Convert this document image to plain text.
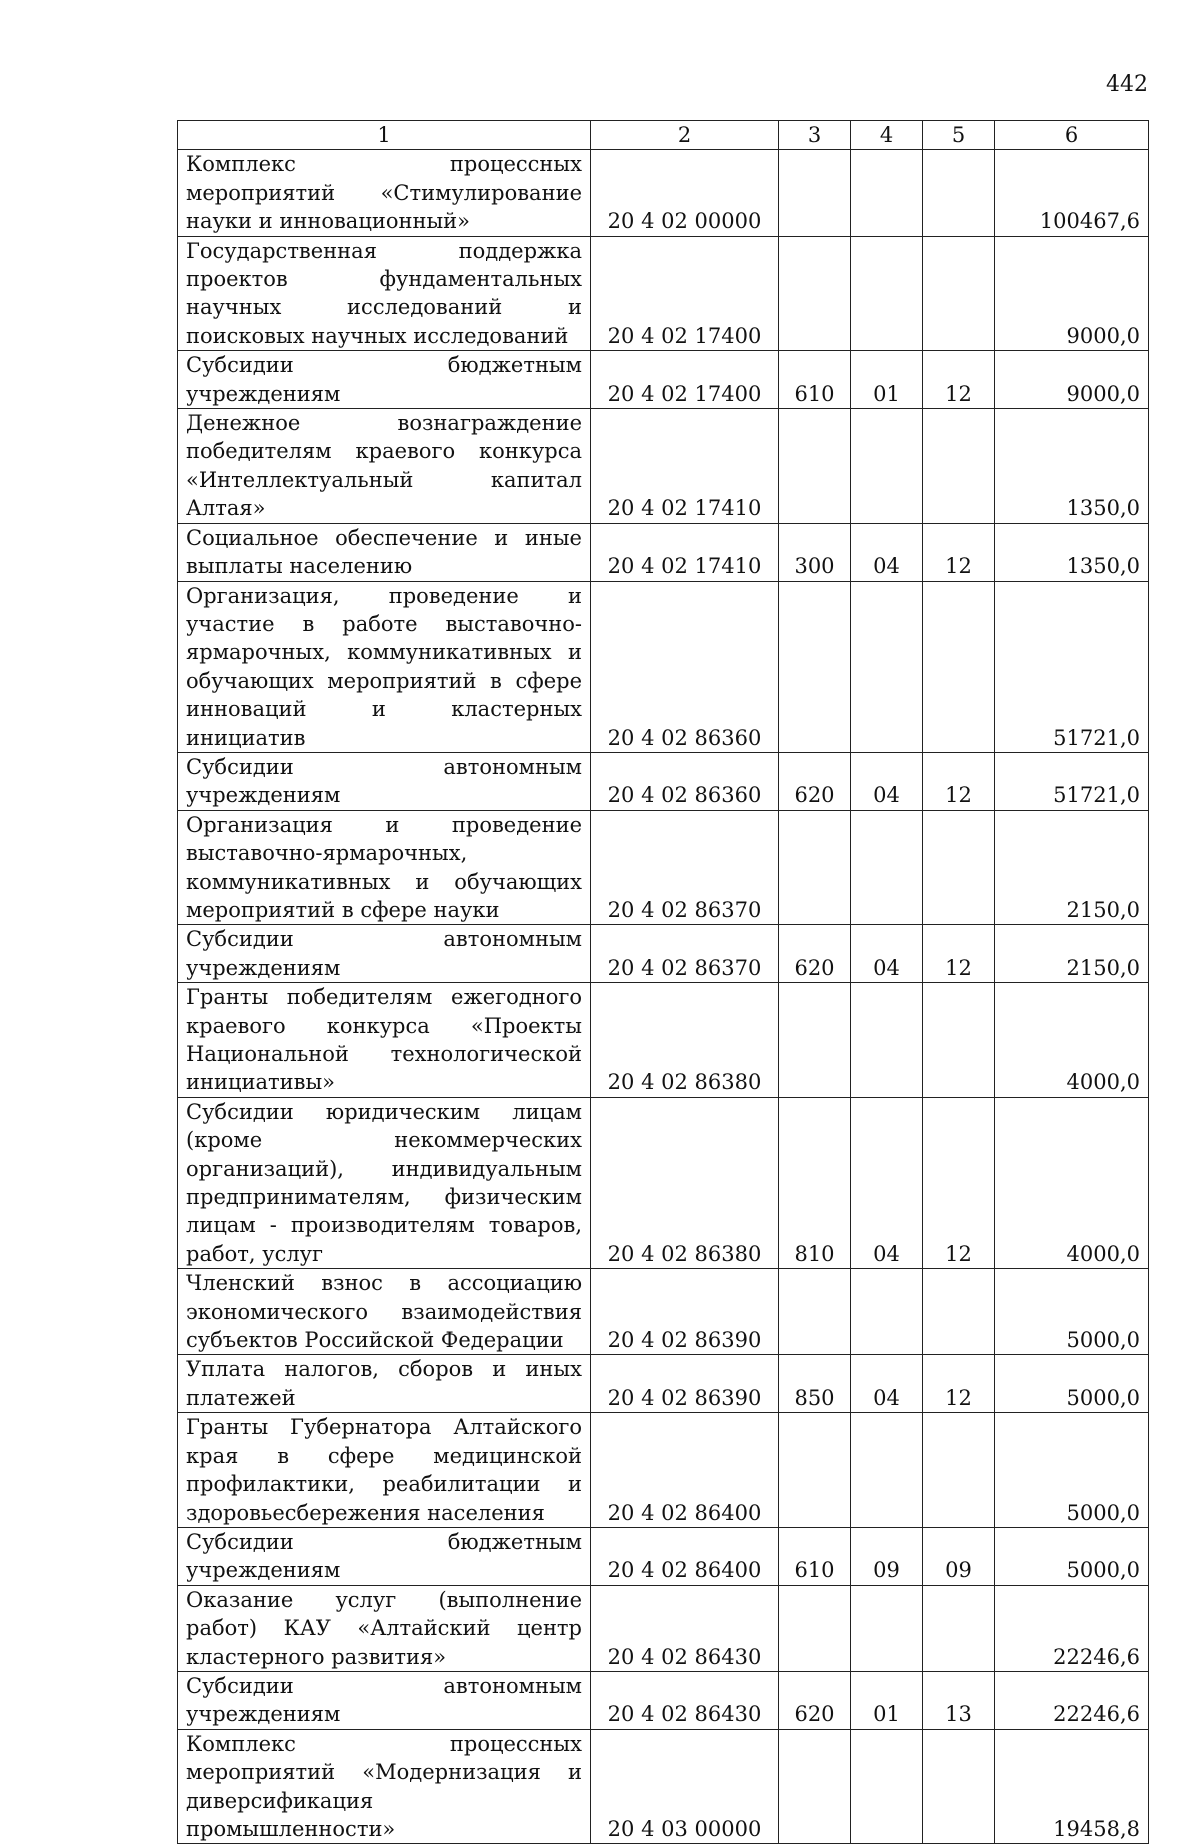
442
1	2	3	4	5	6
Комплекс процессных мероприятий «Стимулирование науки и инновационный»	20 4 02 00000				100467,6
Государственная поддержка проектов фундаментальных научных исследований и поисковых научных исследований	20 4 02 17400				9000,0
Субсидии бюджетным учреждениям	20 4 02 17400	610	01	12	9000,0
Денежное вознаграждение победителям краевого конкурса «Интеллектуальный капитал Алтая»	20 4 02 17410				1350,0
Социальное обеспечение и иные выплаты населению	20 4 02 17410	300	04	12	1350,0
Организация, проведение и участие в работе выставочно-ярмарочных, коммуникативных и обучающих мероприятий в сфере инноваций и кластерных инициатив	20 4 02 86360				51721,0
Субсидии автономным учреждениям	20 4 02 86360	620	04	12	51721,0
Организация и проведение выставочно-ярмарочных, коммуникативных и обучающих мероприятий в сфере науки	20 4 02 86370				2150,0
Субсидии автономным учреждениям	20 4 02 86370	620	04	12	2150,0
Гранты победителям ежегодного краевого конкурса «Проекты Национальной технологической инициативы»	20 4 02 86380				4000,0
Субсидии юридическим лицам (кроме некоммерческих организаций), индивидуальным предпринимателям, физическим лицам - производителям товаров, работ, услуг	20 4 02 86380	810	04	12	4000,0
Членский взнос в ассоциацию экономического взаимодействия субъектов Российской Федерации	20 4 02 86390				5000,0
Уплата налогов, сборов и иных платежей	20 4 02 86390	850	04	12	5000,0
Гранты Губернатора Алтайского края в сфере медицинской профилактики, реабилитации и здоровьесбережения населения	20 4 02 86400				5000,0
Субсидии бюджетным учреждениям	20 4 02 86400	610	09	09	5000,0
Оказание услуг (выполнение работ) КАУ «Алтайский центр кластерного развития»	20 4 02 86430				22246,6
Субсидии автономным учреждениям	20 4 02 86430	620	01	13	22246,6
Комплекс процессных мероприятий «Модернизация и диверсификация промышленности»	20 4 03 00000				19458,8
